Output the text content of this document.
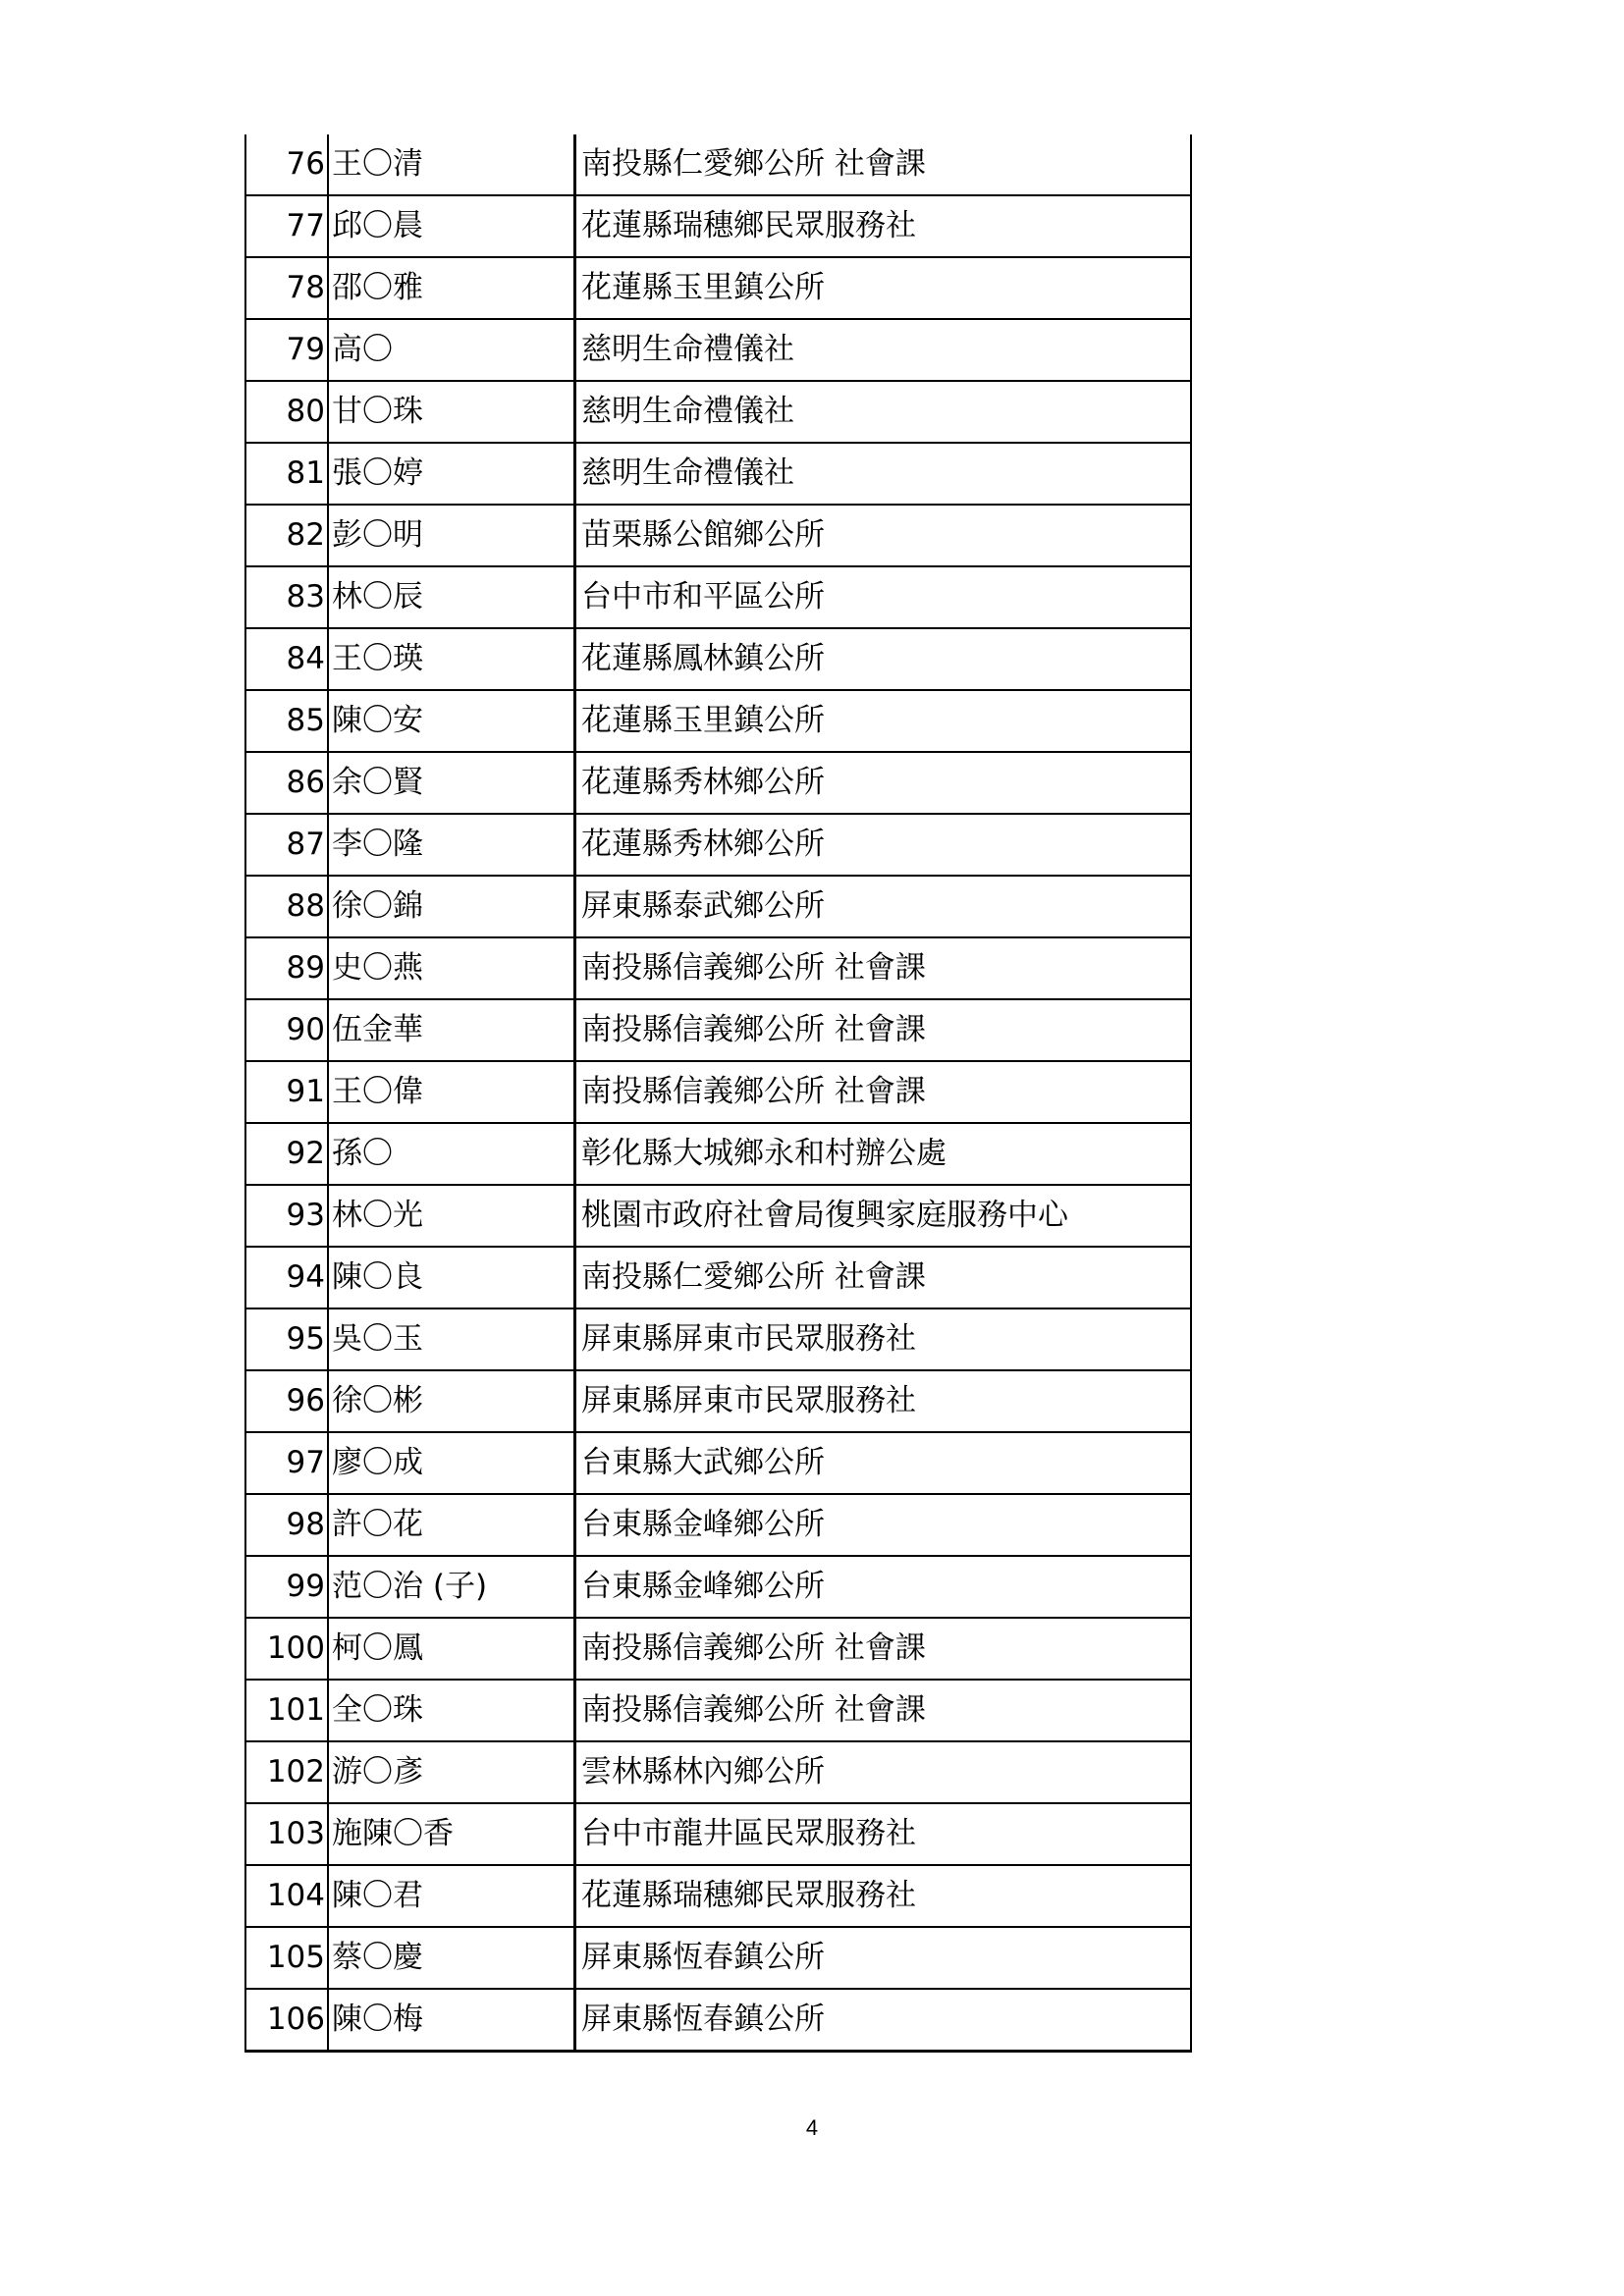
76	王〇清	南投縣仁愛鄉公所 社會課
77	邱〇晨	花蓮縣瑞穗鄉民眾服務社
78	邵〇雅	花蓮縣玉里鎮公所
79	高〇	慈明生命禮儀社
80	甘〇珠	慈明生命禮儀社
81	張〇婷	慈明生命禮儀社
82	彭〇明	苗栗縣公館鄉公所
83	林〇辰	台中市和平區公所
84	王〇瑛	花蓮縣鳳林鎮公所
85	陳〇安	花蓮縣玉里鎮公所
86	余〇賢	花蓮縣秀林鄉公所
87	李〇隆	花蓮縣秀林鄉公所
88	徐〇錦	屏東縣泰武鄉公所
89	史〇燕	南投縣信義鄉公所 社會課
90	伍金華	南投縣信義鄉公所 社會課
91	王〇偉	南投縣信義鄉公所 社會課
92	孫〇	彰化縣大城鄉永和村辦公處
93	林〇光	桃園市政府社會局復興家庭服務中心
94	陳〇良	南投縣仁愛鄉公所 社會課
95	吳〇玉	屏東縣屏東市民眾服務社
96	徐〇彬	屏東縣屏東市民眾服務社
97	廖〇成	台東縣大武鄉公所
98	許〇花	台東縣金峰鄉公所
99	范〇治 (子)	台東縣金峰鄉公所
100	柯〇鳳	南投縣信義鄉公所 社會課
101	全〇珠	南投縣信義鄉公所 社會課
102	游〇彥	雲林縣林內鄉公所
103	施陳〇香	台中市龍井區民眾服務社
104	陳〇君	花蓮縣瑞穗鄉民眾服務社
105	蔡〇慶	屏東縣恆春鎮公所
106	陳〇梅	屏東縣恆春鎮公所
4
